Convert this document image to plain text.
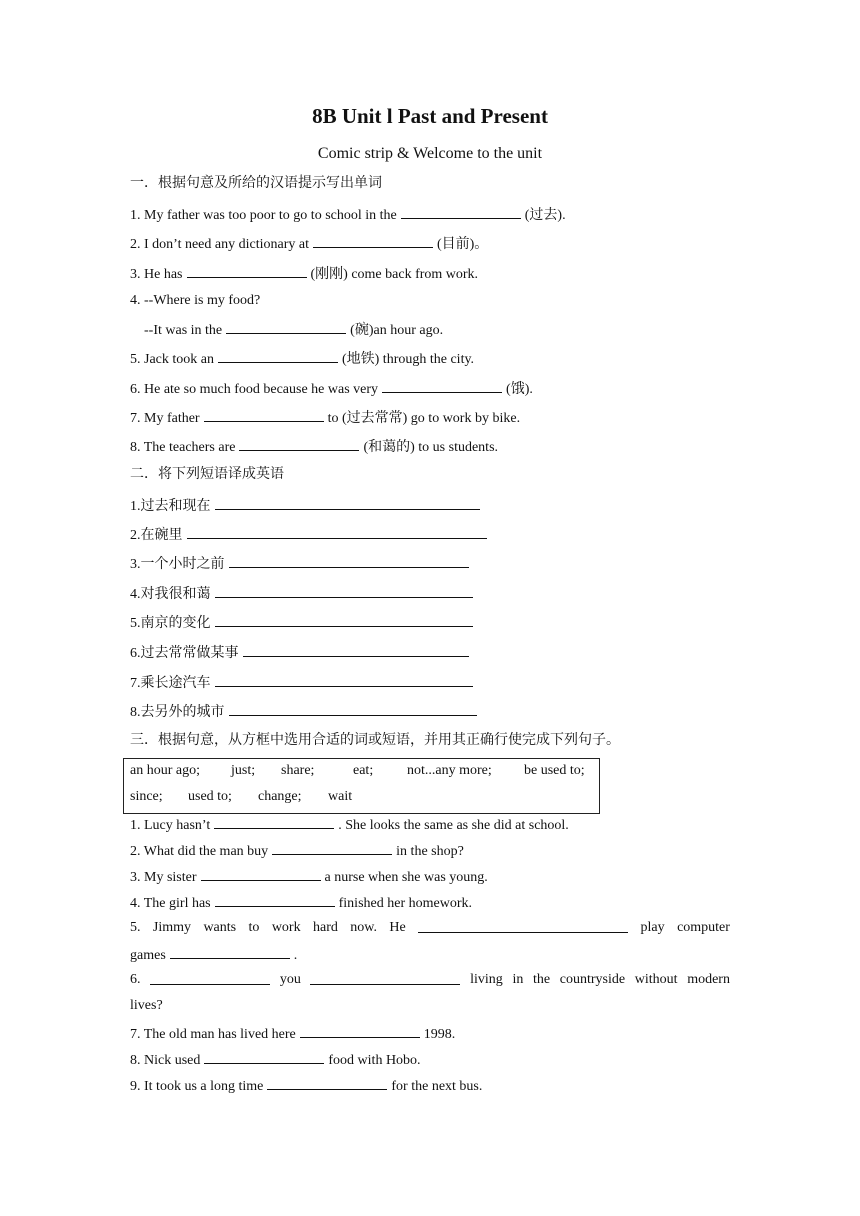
8B Unit l Past and Present
Comic strip & Welcome to the unit
一．根据句意及所给的汉语提示写出单词
1. My father was too poor to go to school in the	(过去).
2. I don’t need any dictionary at	(目前)。
3. He has	(刚刚) come back from work.
4. --Where is my food?
--It was in the	(碗)an hour ago.
5. Jack took an	(地铁) through the city.
6. He ate so much food because he was very	(饿).
7. My father	to (过去常常) go to work by bike.
8. The teachers are	(和蔼的) to us students.
二．将下列短语译成英语
1.过去和现在
2.在碗里
3.一个小时之前
4.对我很和蔼
5.南京的变化
6.过去常常做某事
7.乘长途汽车
8.去另外的城市
三．根据句意，从方框中选用合适的词或短语，并用其正确行使完成下列句子。
an hour ago; just; share;	eat; not...any more; be used to;
since; used to; change; wait
1. Lucy hasn’t	. She looks the same as she did at school.
2. What did the man buy	in the shop?
3. My sister	a nurse when she was young.
4. The girl has	finished her homework.
5. Jimmy wants to work hard now. He	play computer
games	.
6.	you	living in the countryside without modern
lives?
7. The old man has lived here	1998.
8. Nick used	food with Hobo.
9. It took us a long time	for the next bus.
